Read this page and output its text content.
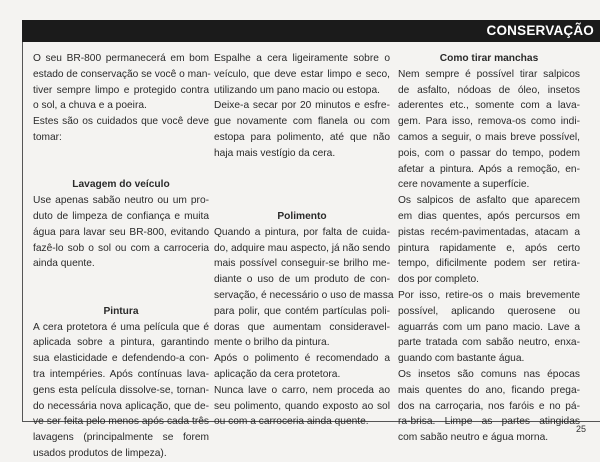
CONSERVAÇÃO
25
O seu BR-800 permanecerá em bom
estado de conservação se você o man-
tiver sempre limpo e protegido contra
o sol, a chuva e a poeira.
Estes são os cuidados que você deve
tomar:
Lavagem do veículo
Use apenas sabão neutro ou um pro-
duto de limpeza de confiança e muita
água para lavar seu BR-800, evitando
fazê-lo sob o sol ou com a carroceria
ainda quente.
Pintura
A cera protetora é uma película que é
aplicada sobre a pintura, garantindo
sua elasticidade e defendendo-a con-
tra intempéries. Após contínuas lava-
gens esta película dissolve-se, tornan-
do necessária nova aplicação, que de-
ve ser feita pelo menos após cada três
lavagens (principalmente se forem
usados produtos de limpeza).
Espalhe a cera ligeiramente sobre o
veículo, que deve estar limpo e seco,
utilizando um pano macio ou estopa.
Deixe-a secar por 20 minutos e esfre-
gue novamente com flanela ou com
estopa para polimento, até que não
haja mais vestígio da cera.
Polimento
Quando a pintura, por falta de cuida-
do, adquire mau aspecto, já não sendo
mais possível conseguir-se brilho me-
diante o uso de um produto de con-
servação, é necessário o uso de massa
para polir, que contém partículas poli-
doras que aumentam consideravel-
mente o brilho da pintura.
Após o polimento é recomendado a
aplicação da cera protetora.
Nunca lave o carro, nem proceda ao
seu polimento, quando exposto ao sol
ou com a carroceria ainda quente.
Como tirar manchas
Nem sempre é possível tirar salpicos
de asfalto, nódoas de óleo, insetos
aderentes etc., somente com a lava-
gem. Para isso, remova-os como indi-
camos a seguir, o mais breve possível,
pois, com o passar do tempo, podem
afetar a pintura. Após a remoção, en-
cere novamente a superfície.
Os salpicos de asfalto que aparecem
em dias quentes, após percursos em
pistas recém-pavimentadas, atacam a
pintura rapidamente e, após certo
tempo, dificilmente podem ser retira-
dos por completo.
Por isso, retire-os o mais brevemente
possível, aplicando querosene ou
aguarrás com um pano macio. Lave a
parte tratada com sabão neutro, enxa-
guando com bastante água.
Os insetos são comuns nas épocas
mais quentes do ano, ficando prega-
dos na carroçaria, nos faróis e no pá-
ra-brisa. Limpe as partes atingidas
com sabão neutro e água morna.
